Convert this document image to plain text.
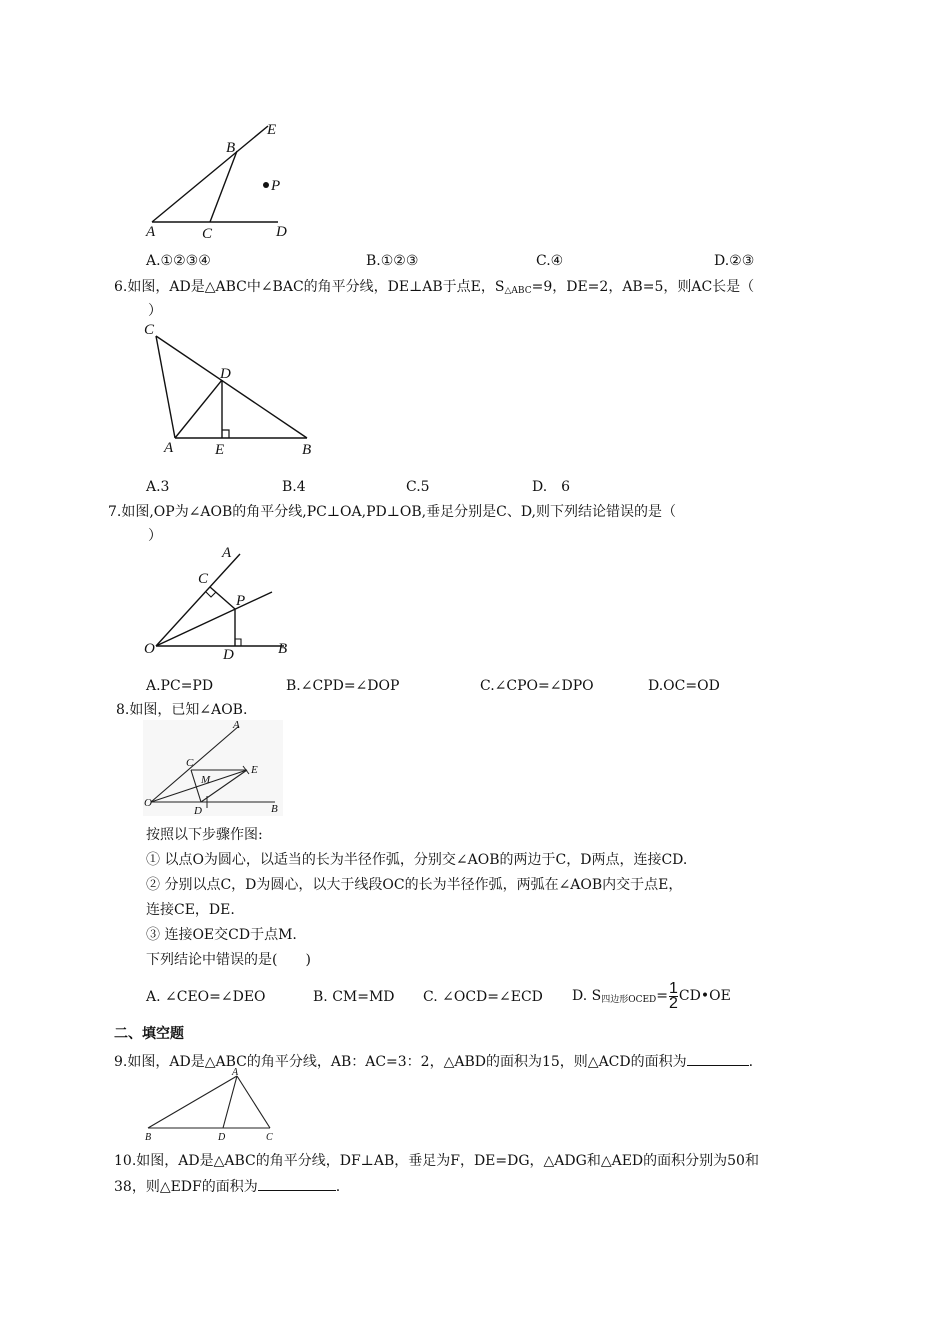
E
B
P
A	C	D
A.①②③④	B.①②③	C.④	D.②③
6.如图，AD是△ABC中∠BAC的角平分线，DE⊥AB于点E，$S_{\triangle ABC}=9$，DE=2，AB=5，则AC长是（
）
C
D
A	E	B
A.3	B.4	C.5	D.　6
7.如图,OP为∠AOB的角平分线,PC⊥OA,PD⊥OB,垂足分别是C、D,则下列结论错误的是（
）
A
C
P
O	D	B
A.PC=PD	B.∠CPD=∠DOP	C.∠CPO=∠DPO	D.OC=OD
8.如图，已知∠AOB.
A
C
M
E
O
D	B
按照以下步骤作图:
① 以点O为圆心，以适当的长为半径作弧，分别交∠AOB的两边于C，D两点，连接CD.
② 分别以点C，D为圆心，以大于线段OC的长为半径作弧，两弧在∠AOB内交于点E，
连接CE，DE.
③ 连接OE交CD于点M.
下列结论中错误的是(　　)
A. ∠CEO=∠DEO	B. CM=MD C. ∠OCD=∠ECD D. $S_{四边形OCED}= \frac{1}{2}$ CD•OE
二、填空题
9.如图，AD是△ABC的角平分线，AB：AC=3：2，△ABD的面积为15，则△ACD的面积为	.
A
B	D	C
10.如图，AD是△ABC的角平分线，DF⊥AB，垂足为F，DE=DG，△ADG和△AED的面积分别为50和
38，则△EDF的面积为	.
